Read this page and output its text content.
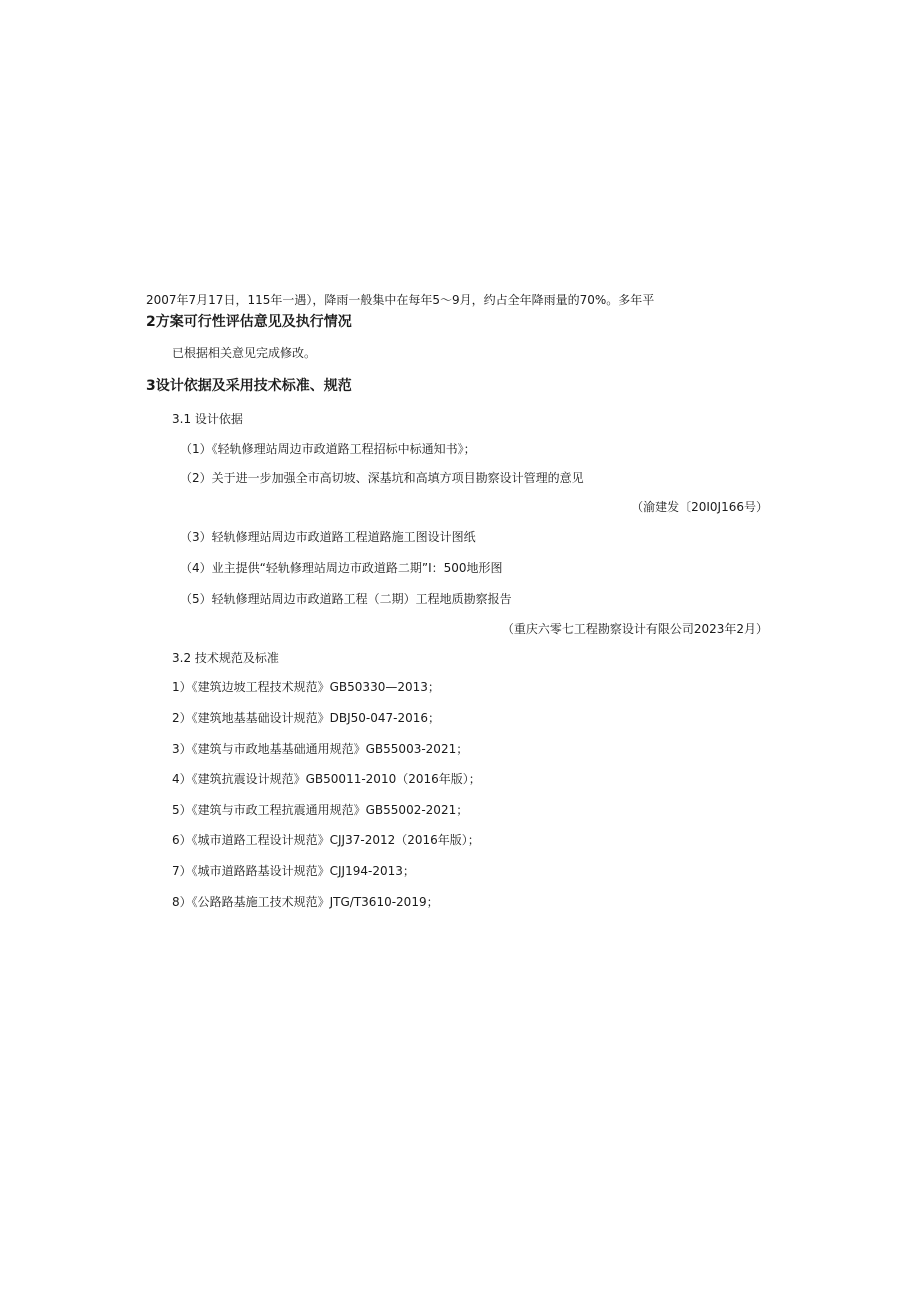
2007年7月17日，115年一遇），降雨一般集中在每年5～9月，约占全年降雨量的70%。多年平
2方案可行性评估意见及执行情况
已根据相关意见完成修改。
3设计依据及采用技术标准、规范
3.1 设计依据
（1）《轻轨修理站周边市政道路工程招标中标通知书》；
（2）关于进一步加强全市高切坡、深基坑和高填方项目勘察设计管理的意见
（渝建发〔20I0J166号）
（3）轻轨修理站周边市政道路工程道路施工图设计图纸
（4）业主提供“轻轨修理站周边市政道路二期”I：500地形图
（5）轻轨修理站周边市政道路工程（二期）工程地质勘察报告
（重庆六零七工程勘察设计有限公司2023年2月）
3.2 技术规范及标准
1）《建筑边坡工程技术规范》GB50330—2013；
2）《建筑地基基础设计规范》DBJ50-047-2016；
3）《建筑与市政地基基础通用规范》GB55003-2021；
4）《建筑抗震设计规范》GB50011-2010（2016年版）；
5）《建筑与市政工程抗震通用规范》GB55002-2021；
6）《城市道路工程设计规范》CJJ37-2012（2016年版）；
7）《城市道路路基设计规范》CJJ194-2013；
8）《公路路基施工技术规范》JTG/T3610-2019；
